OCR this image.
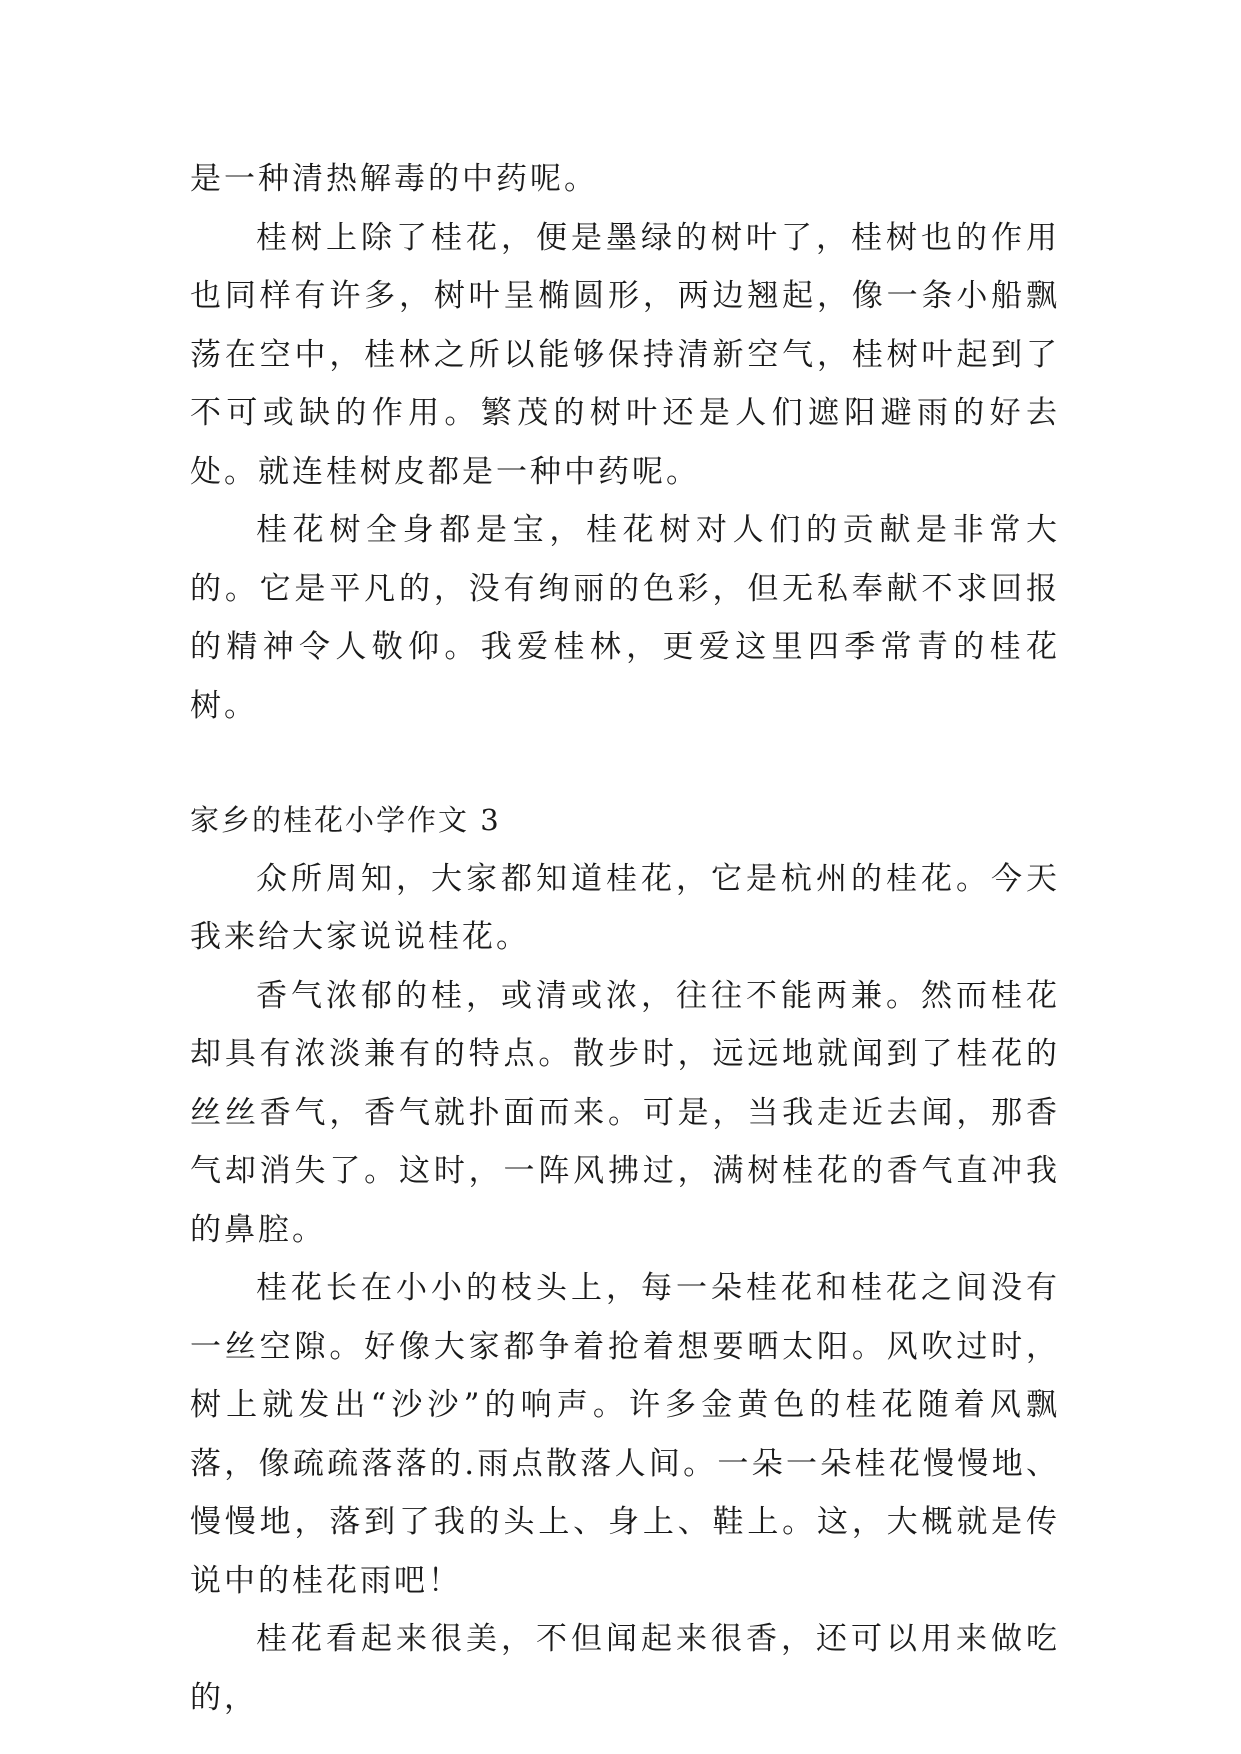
是一种清热解毒的中药呢。

桂树上除了桂花，便是墨绿的树叶了，桂树也的作用也同样有许多，树叶呈椭圆形，两边翘起，像一条小船飘荡在空中，桂林之所以能够保持清新空气，桂树叶起到了不可或缺的作用。繁茂的树叶还是人们遮阳避雨的好去处。就连桂树皮都是一种中药呢。

桂花树全身都是宝，桂花树对人们的贡献是非常大的。它是平凡的，没有绚丽的色彩，但无私奉献不求回报的精神令人敬仰。我爱桂林，更爱这里四季常青的桂花树。

家乡的桂花小学作文 3

众所周知，大家都知道桂花，它是杭州的桂花。今天我来给大家说说桂花。

香气浓郁的桂，或清或浓，往往不能两兼。然而桂花却具有浓淡兼有的特点。散步时，远远地就闻到了桂花的丝丝香气，香气就扑面而来。可是，当我走近去闻，那香气却消失了。这时，一阵风拂过，满树桂花的香气直冲我的鼻腔。

桂花长在小小的枝头上，每一朵桂花和桂花之间没有一丝空隙。好像大家都争着抢着想要晒太阳。风吹过时，树上就发出“沙沙”的响声。许多金黄色的桂花随着风飘落，像疏疏落落的.雨点散落人间。一朵一朵桂花慢慢地、慢慢地，落到了我的头上、身上、鞋上。这，大概就是传说中的桂花雨吧！

桂花看起来很美，不但闻起来很香，还可以用来做吃的，
